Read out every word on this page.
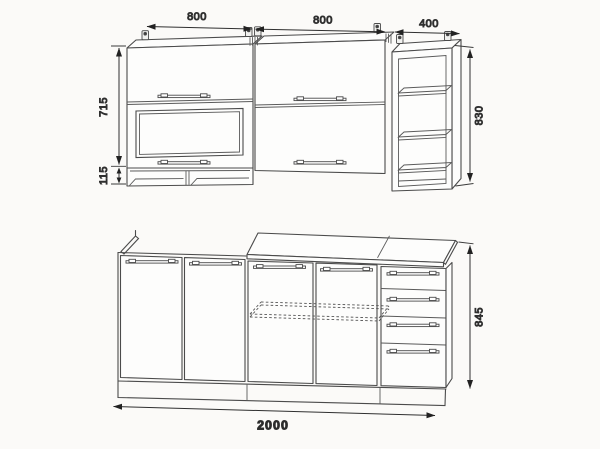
800	800	400
715
115
830
845
2000
